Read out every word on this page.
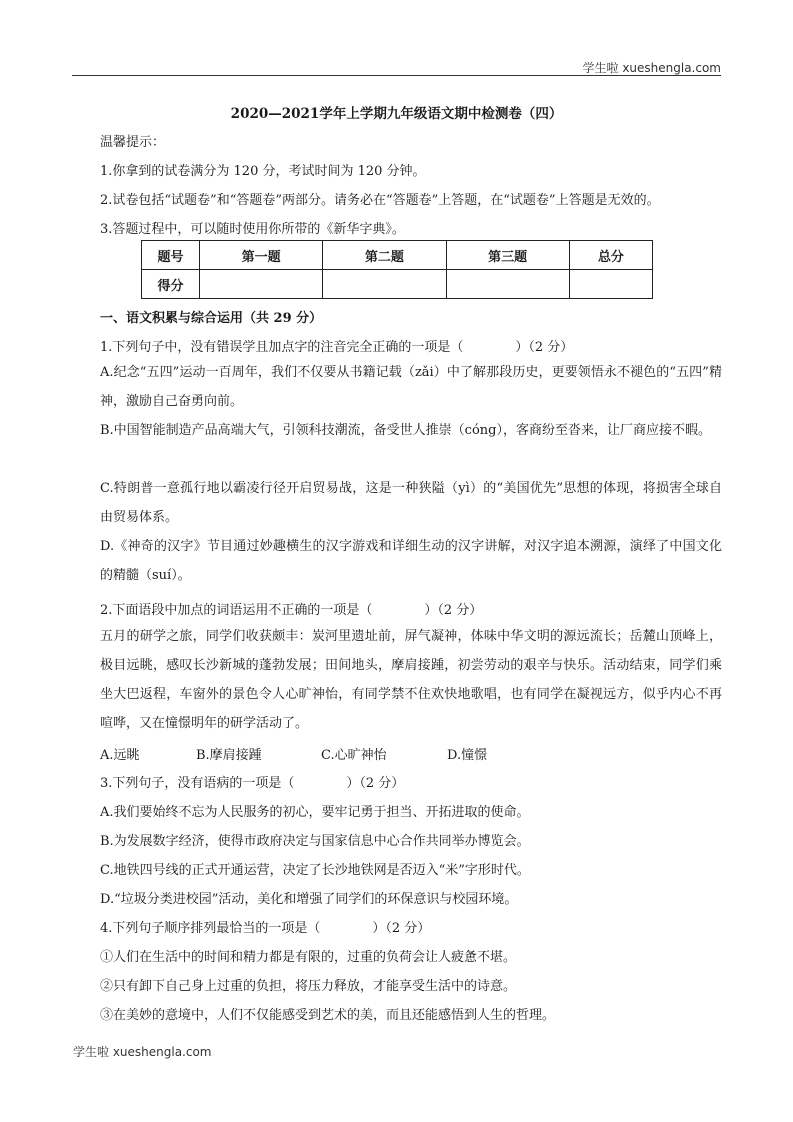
学生啦 xueshengla.com
2020—2021学年上学期九年级语文期中检测卷（四）
温馨提示：
1.你拿到的试卷满分为 120 分，考试时间为 120 分钟。
2.试卷包括“试题卷”和“答题卷”两部分。请务必在“答题卷”上答题，在“试题卷”上答题是无效的。
3.答题过程中，可以随时使用你所带的《新华字典》。
题号	第一题	第二题	第三题	总分
得分				
一、语文积累与综合运用（共 29 分）
1.下列句子中，没有错误学且加点字的注音完全正确的一项是（　　　　）（2 分）
A.纪念“五四”运动一百周年，我们不仅要从书籍记载（zǎi）中了解那段历史，更要领悟永不褪色的“五四”精神，激励自己奋勇向前。
B.中国智能制造产品高端大气，引领科技潮流，备受世人推崇（cóng），客商纷至沓来，让厂商应接不暇。
C.特朗普一意孤行地以霸凌行径开启贸易战，这是一种狭隘（yì）的“美国优先”思想的体现，将损害全球自由贸易体系。
D.《神奇的汉字》节目通过妙趣横生的汉字游戏和详细生动的汉字讲解，对汉字追本溯源，演绎了中国文化的精髓（suí）。
2.下面语段中加点的词语运用不正确的一项是（　　　　）（2 分）
五月的研学之旅，同学们收获颇丰：炭河里遗址前，屏气凝神，体味中华文明的源远流长；岳麓山顶峰上，极目远眺，感叹长沙新城的蓬勃发展；田间地头，摩肩接踵，初尝劳动的艰辛与快乐。活动结束，同学们乘坐大巴返程，车窗外的景色令人心旷神怡，有同学禁不住欢快地歌唱，也有同学在凝视远方，似乎内心不再喧哗，又在憧憬明年的研学活动了。
A.远眺	B.摩肩接踵	C.心旷神怡	D.憧憬
3.下列句子，没有语病的一项是（　　　　）（2 分）
A.我们要始终不忘为人民服务的初心，要牢记勇于担当、开拓进取的使命。
B.为发展数字经济，使得市政府决定与国家信息中心合作共同举办博览会。
C.地铁四号线的正式开通运营，决定了长沙地铁网是否迈入“米”字形时代。
D.“垃圾分类进校园”活动，美化和增强了同学们的环保意识与校园环境。
4.下列句子顺序排列最恰当的一项是（　　　　）（2 分）
①人们在生活中的时间和精力都是有限的，过重的负荷会让人疲惫不堪。
②只有卸下自己身上过重的负担，将压力释放，才能享受生活中的诗意。
③在美妙的意境中，人们不仅能感受到艺术的美，而且还能感悟到人生的哲理。
学生啦 xueshengla.com
